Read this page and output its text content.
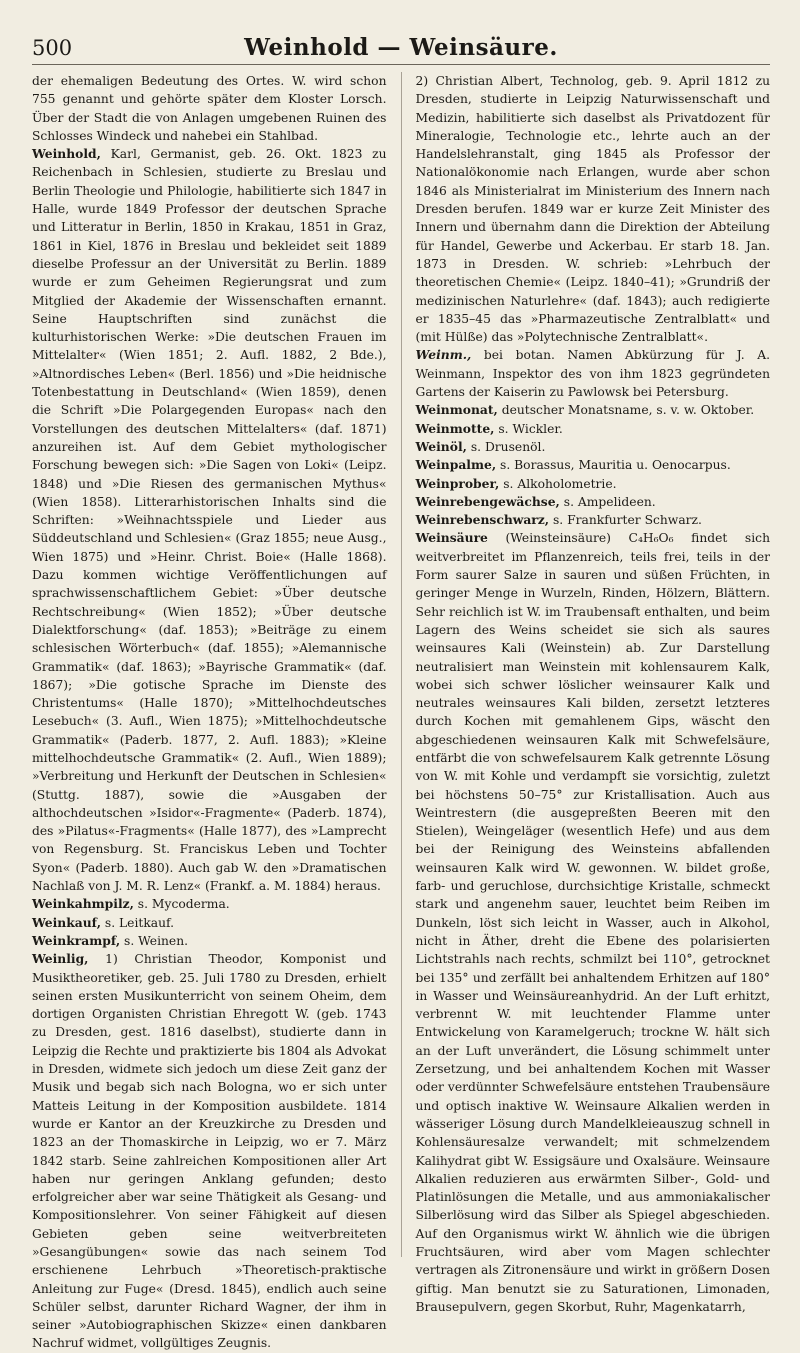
500	Weinhold — Weinsäure.

der ehemaligen Bedeutung des Ortes. W. wird schon 755 genannt und gehörte später dem Kloster Lorsch. Über der Stadt die von Anlagen umgebenen Ruinen des Schlosses Windeck und nahebei ein Stahlbad.

Weinhold, Karl, Germanist, geb. 26. Okt. 1823 zu Reichenbach in Schlesien, studierte zu Breslau und Berlin Theologie und Philologie, habilitierte sich 1847 in Halle, wurde 1849 Professor der deutschen Sprache und Litteratur in Berlin, 1850 in Krakau, 1851 in Graz, 1861 in Kiel, 1876 in Breslau und bekleidet seit 1889 dieselbe Professur an der Universität zu Berlin. 1889 wurde er zum Geheimen Regierungsrat und zum Mitglied der Akademie der Wissenschaften ernannt. Seine Hauptschriften sind zunächst die kulturhistorischen Werke: »Die deutschen Frauen im Mittelalter« (Wien 1851; 2. Aufl. 1882, 2 Bde.), »Altnordisches Leben« (Berl. 1856) und »Die heidnische Totenbestattung in Deutschland« (Wien 1859), denen die Schrift »Die Polargegenden Europas« nach den Vorstellungen des deutschen Mittelalters« (daf. 1871) anzureihen ist. Auf dem Gebiet mythologischer Forschung bewegen sich: »Die Sagen von Loki« (Leipz. 1848) und »Die Riesen des germanischen Mythus« (Wien 1858). Litterarhistorischen Inhalts sind die Schriften: »Weihnachtsspiele und Lieder aus Süddeutschland und Schlesien« (Graz 1855; neue Ausg., Wien 1875) und »Heinr. Christ. Boie« (Halle 1868). Dazu kommen wichtige Veröffentlichungen auf sprachwissenschaftlichem Gebiet: »Über deutsche Rechtschreibung« (Wien 1852); »Über deutsche Dialektforschung« (daf. 1853); »Beiträge zu einem schlesischen Wörterbuch« (daf. 1855); »Alemannische Grammatik« (daf. 1863); »Bayrische Grammatik« (daf. 1867); »Die gotische Sprache im Dienste des Christentums« (Halle 1870); »Mittelhochdeutsches Lesebuch« (3. Aufl., Wien 1875); »Mittelhochdeutsche Grammatik« (Paderb. 1877, 2. Aufl. 1883); »Kleine mittelhochdeutsche Grammatik« (2. Aufl., Wien 1889); »Verbreitung und Herkunft der Deutschen in Schlesien« (Stuttg. 1887), sowie die »Ausgaben der althochdeutschen »Isidor«-Fragmente« (Paderb. 1874), des »Pilatus«-Fragments« (Halle 1877), des »Lamprecht von Regensburg. St. Franciskus Leben und Tochter Syon« (Paderb. 1880). Auch gab W. den »Dramatischen Nachlaß von J. M. R. Lenz« (Frankf. a. M. 1884) heraus.

Weinkahmpilz, s. Mycoderma.

Weinkauf, s. Leitkauf.

Weinkrampf, s. Weinen.

Weinlig, 1) Christian Theodor, Komponist und Musiktheoretiker, geb. 25. Juli 1780 zu Dresden, erhielt seinen ersten Musikunterricht von seinem Oheim, dem dortigen Organisten Christian Ehregott W. (geb. 1743 zu Dresden, gest. 1816 daselbst), studierte dann in Leipzig die Rechte und praktizierte bis 1804 als Advokat in Dresden, widmete sich jedoch um diese Zeit ganz der Musik und begab sich nach Bologna, wo er sich unter Matteis Leitung in der Komposition ausbildete. 1814 wurde er Kantor an der Kreuzkirche zu Dresden und 1823 an der Thomaskirche in Leipzig, wo er 7. März 1842 starb. Seine zahlreichen Kompositionen aller Art haben nur geringen Anklang gefunden; desto erfolgreicher aber war seine Thätigkeit als Gesang- und Kompositionslehrer. Von seiner Fähigkeit auf diesen Gebieten geben seine weitverbreiteten »Gesangübungen« sowie das nach seinem Tod erschienene Lehrbuch »Theoretisch-praktische Anleitung zur Fuge« (Dresd. 1845), endlich auch seine Schüler selbst, darunter Richard Wagner, der ihm in seiner »Autobiographischen Skizze« einen dankbaren Nachruf widmet, vollgültiges Zeugnis.

2) Christian Albert, Technolog, geb. 9. April 1812 zu Dresden, studierte in Leipzig Naturwissenschaft und Medizin, habilitierte sich daselbst als Privatdozent für Mineralogie, Technologie etc., lehrte auch an der Handelslehranstalt, ging 1845 als Professor der Nationalökonomie nach Erlangen, wurde aber schon 1846 als Ministerialrat im Ministerium des Innern nach Dresden berufen. 1849 war er kurze Zeit Minister des Innern und übernahm dann die Direktion der Abteilung für Handel, Gewerbe und Ackerbau. Er starb 18. Jan. 1873 in Dresden. W. schrieb: »Lehrbuch der theoretischen Chemie« (Leipz. 1840–41); »Grundriß der medizinischen Naturlehre« (daf. 1843); auch redigierte er 1835–45 das »Pharmazeutische Zentralblatt« und (mit Hülße) das »Polytechnische Zentralblatt«.

Weinm., bei botan. Namen Abkürzung für J. A. Weinmann, Inspektor des von ihm 1823 gegründeten Gartens der Kaiserin zu Pawlowsk bei Petersburg.

Weinmonat, deutscher Monatsname, s. v. w. Oktober.

Weinmotte, s. Wickler.

Weinöl, s. Drusenöl.

Weinpalme, s. Borassus, Mauritia u. Oenocarpus.

Weinprober, s. Alkoholometrie.

Weinrebengewächse, s. Ampelideen.

Weinrebenschwarz, s. Frankfurter Schwarz.

Weinsäure (Weinsteinsäure) C₄H₆O₆ findet sich weitverbreitet im Pflanzenreich, teils frei, teils in der Form saurer Salze in sauren und süßen Früchten, in geringer Menge in Wurzeln, Rinden, Hölzern, Blättern. Sehr reichlich ist W. im Traubensaft enthalten, und beim Lagern des Weins scheidet sie sich als saures weinsaures Kali (Weinstein) ab. Zur Darstellung neutralisiert man Weinstein mit kohlensaurem Kalk, wobei sich schwer löslicher weinsaurer Kalk und neutrales weinsaures Kali bilden, zersetzt letzteres durch Kochen mit gemahlenem Gips, wäscht den abgeschiedenen weinsauren Kalk mit Schwefelsäure, entfärbt die von schwefelsaurem Kalk getrennte Lösung von W. mit Kohle und verdampft sie vorsichtig, zuletzt bei höchstens 50–75° zur Kristallisation. Auch aus Weintrestern (die ausgepreßten Beeren mit den Stielen), Weingeläger (wesentlich Hefe) und aus dem bei der Reinigung des Weinsteins abfallenden weinsauren Kalk wird W. gewonnen. W. bildet große, farb- und geruchlose, durchsichtige Kristalle, schmeckt stark und angenehm sauer, leuchtet beim Reiben im Dunkeln, löst sich leicht in Wasser, auch in Alkohol, nicht in Äther, dreht die Ebene des polarisierten Lichtstrahls nach rechts, schmilzt bei 110°, getrocknet bei 135° und zerfällt bei anhaltendem Erhitzen auf 180° in Wasser und Weinsäureanhydrid. An der Luft erhitzt, verbrennt W. mit leuchtender Flamme unter Entwickelung von Karamelgeruch; trockne W. hält sich an der Luft unverändert, die Lösung schimmelt unter Zersetzung, und bei anhaltendem Kochen mit Wasser oder verdünnter Schwefelsäure entstehen Traubensäure und optisch inaktive W. Weinsaure Alkalien werden in wässeriger Lösung durch Mandelkleieauszug schnell in Kohlensäuresalze verwandelt; mit schmelzendem Kalihydrat gibt W. Essigsäure und Oxalsäure. Weinsaure Alkalien reduzieren aus erwärmten Silber-, Gold- und Platinlösungen die Metalle, und aus ammoniakalischer Silberlösung wird das Silber als Spiegel abgeschieden. Auf den Organismus wirkt W. ähnlich wie die übrigen Fruchtsäuren, wird aber vom Magen schlechter vertragen als Zitronensäure und wirkt in größern Dosen giftig. Man benutzt sie zu Saturationen, Limonaden, Brausepulvern, gegen Skorbut, Ruhr, Magenkatarrh,
